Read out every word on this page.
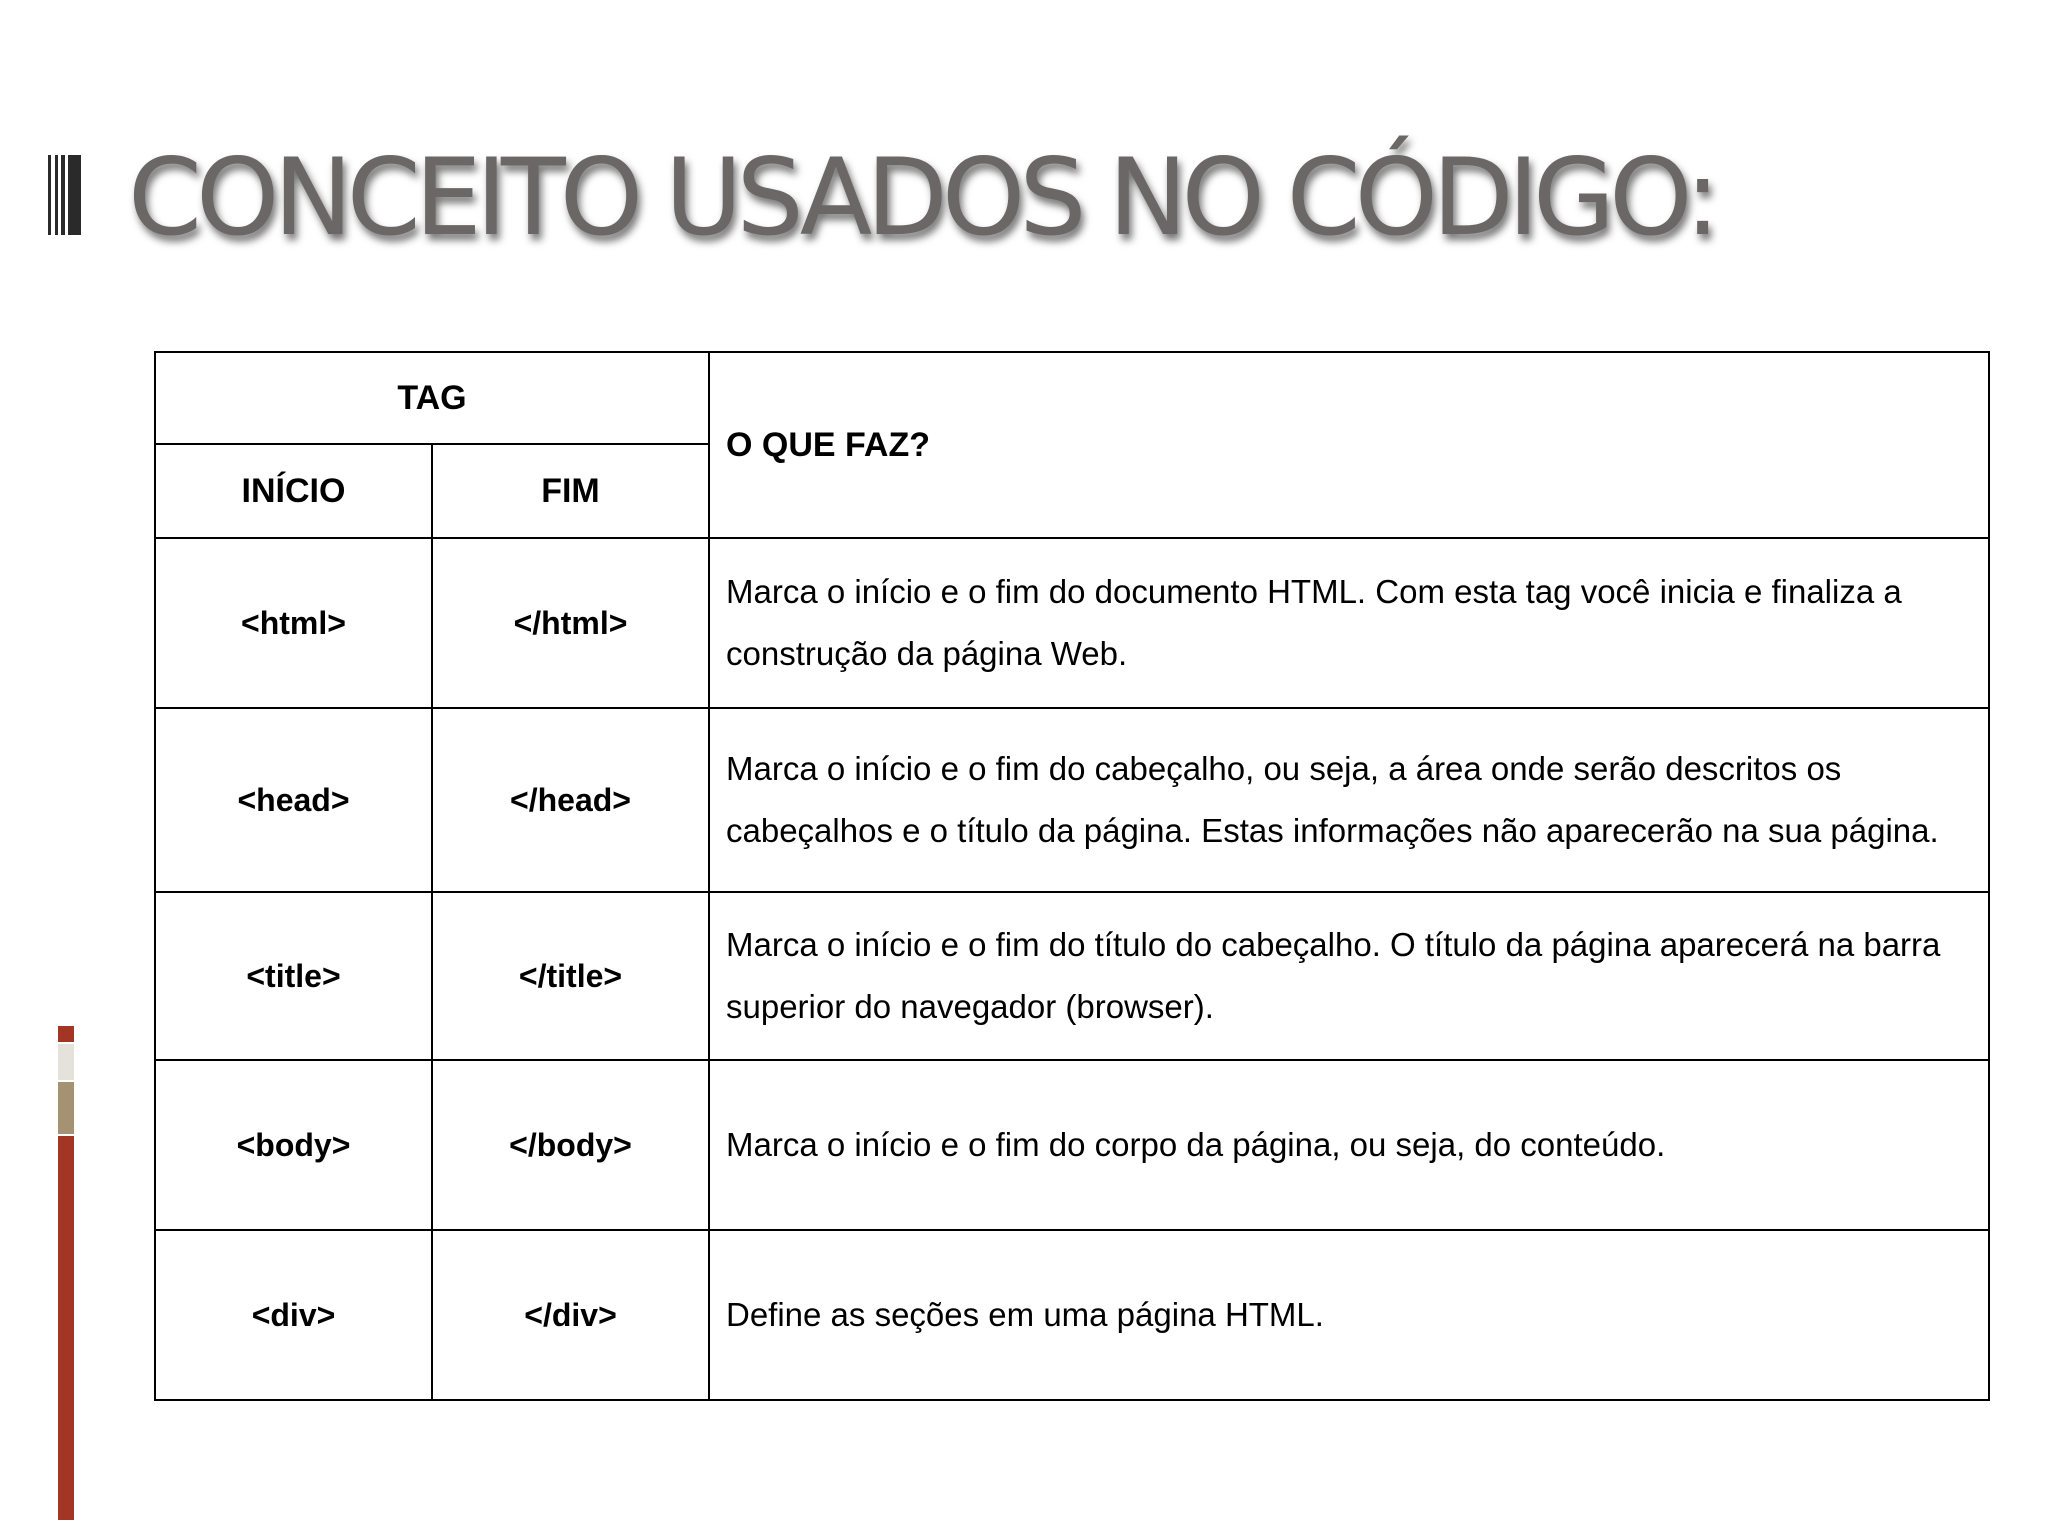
CONCEITO USADOS NO CÓDIGO:
TAG		O QUE FAZ?
INÍCIO	FIM	
<html>	</html>	Marca o início e o fim do documento HTML. Com esta tag você inicia e finaliza a construção da página Web.
<head>	</head>	Marca o início e o fim do cabeçalho, ou seja, a área onde serão descritos os cabeçalhos e o título da página. Estas informações não aparecerão na sua página.
<title>	</title>	Marca o início e o fim do título do cabeçalho. O título da página aparecerá na barra superior do navegador (browser).
<body>	</body>	Marca o início e o fim do corpo da página, ou seja, do conteúdo.
<div>	</div>	Define as seções em uma página HTML.
